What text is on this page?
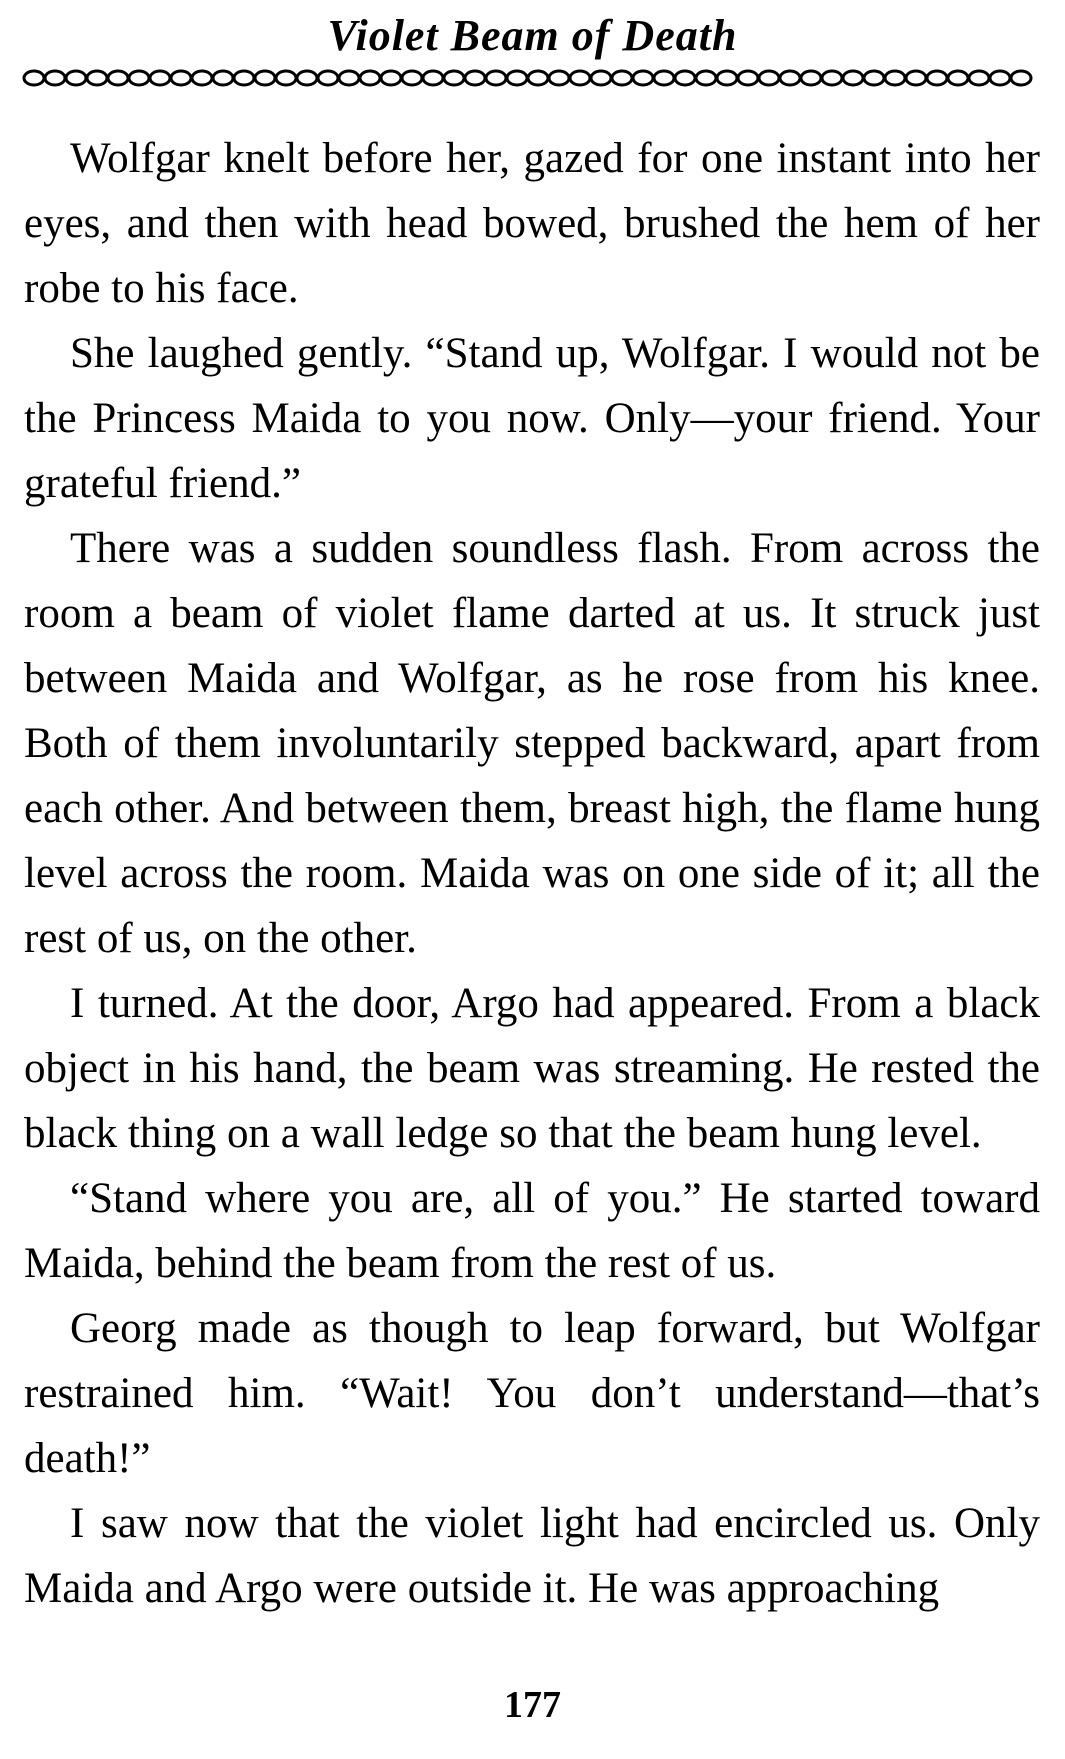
Violet Beam of Death

Wolfgar knelt before her, gazed for one instant into her eyes, and then with head bowed, brushed the hem of her robe to his face.

She laughed gently. “Stand up, Wolfgar. I would not be the Princess Maida to you now. Only—your friend. Your grateful friend.”

There was a sudden soundless flash. From across the room a beam of violet flame darted at us. It struck just between Maida and Wolfgar, as he rose from his knee. Both of them involuntarily stepped backward, apart from each other. And between them, breast high, the flame hung level across the room. Maida was on one side of it; all the rest of us, on the other.

I turned. At the door, Argo had appeared. From a black object in his hand, the beam was streaming. He rested the black thing on a wall ledge so that the beam hung level.

“Stand where you are, all of you.” He started toward Maida, behind the beam from the rest of us.

Georg made as though to leap forward, but Wolfgar restrained him. “Wait! You don’t understand—that’s death!”

I saw now that the violet light had encircled us. Only Maida and Argo were outside it. He was approaching

177
